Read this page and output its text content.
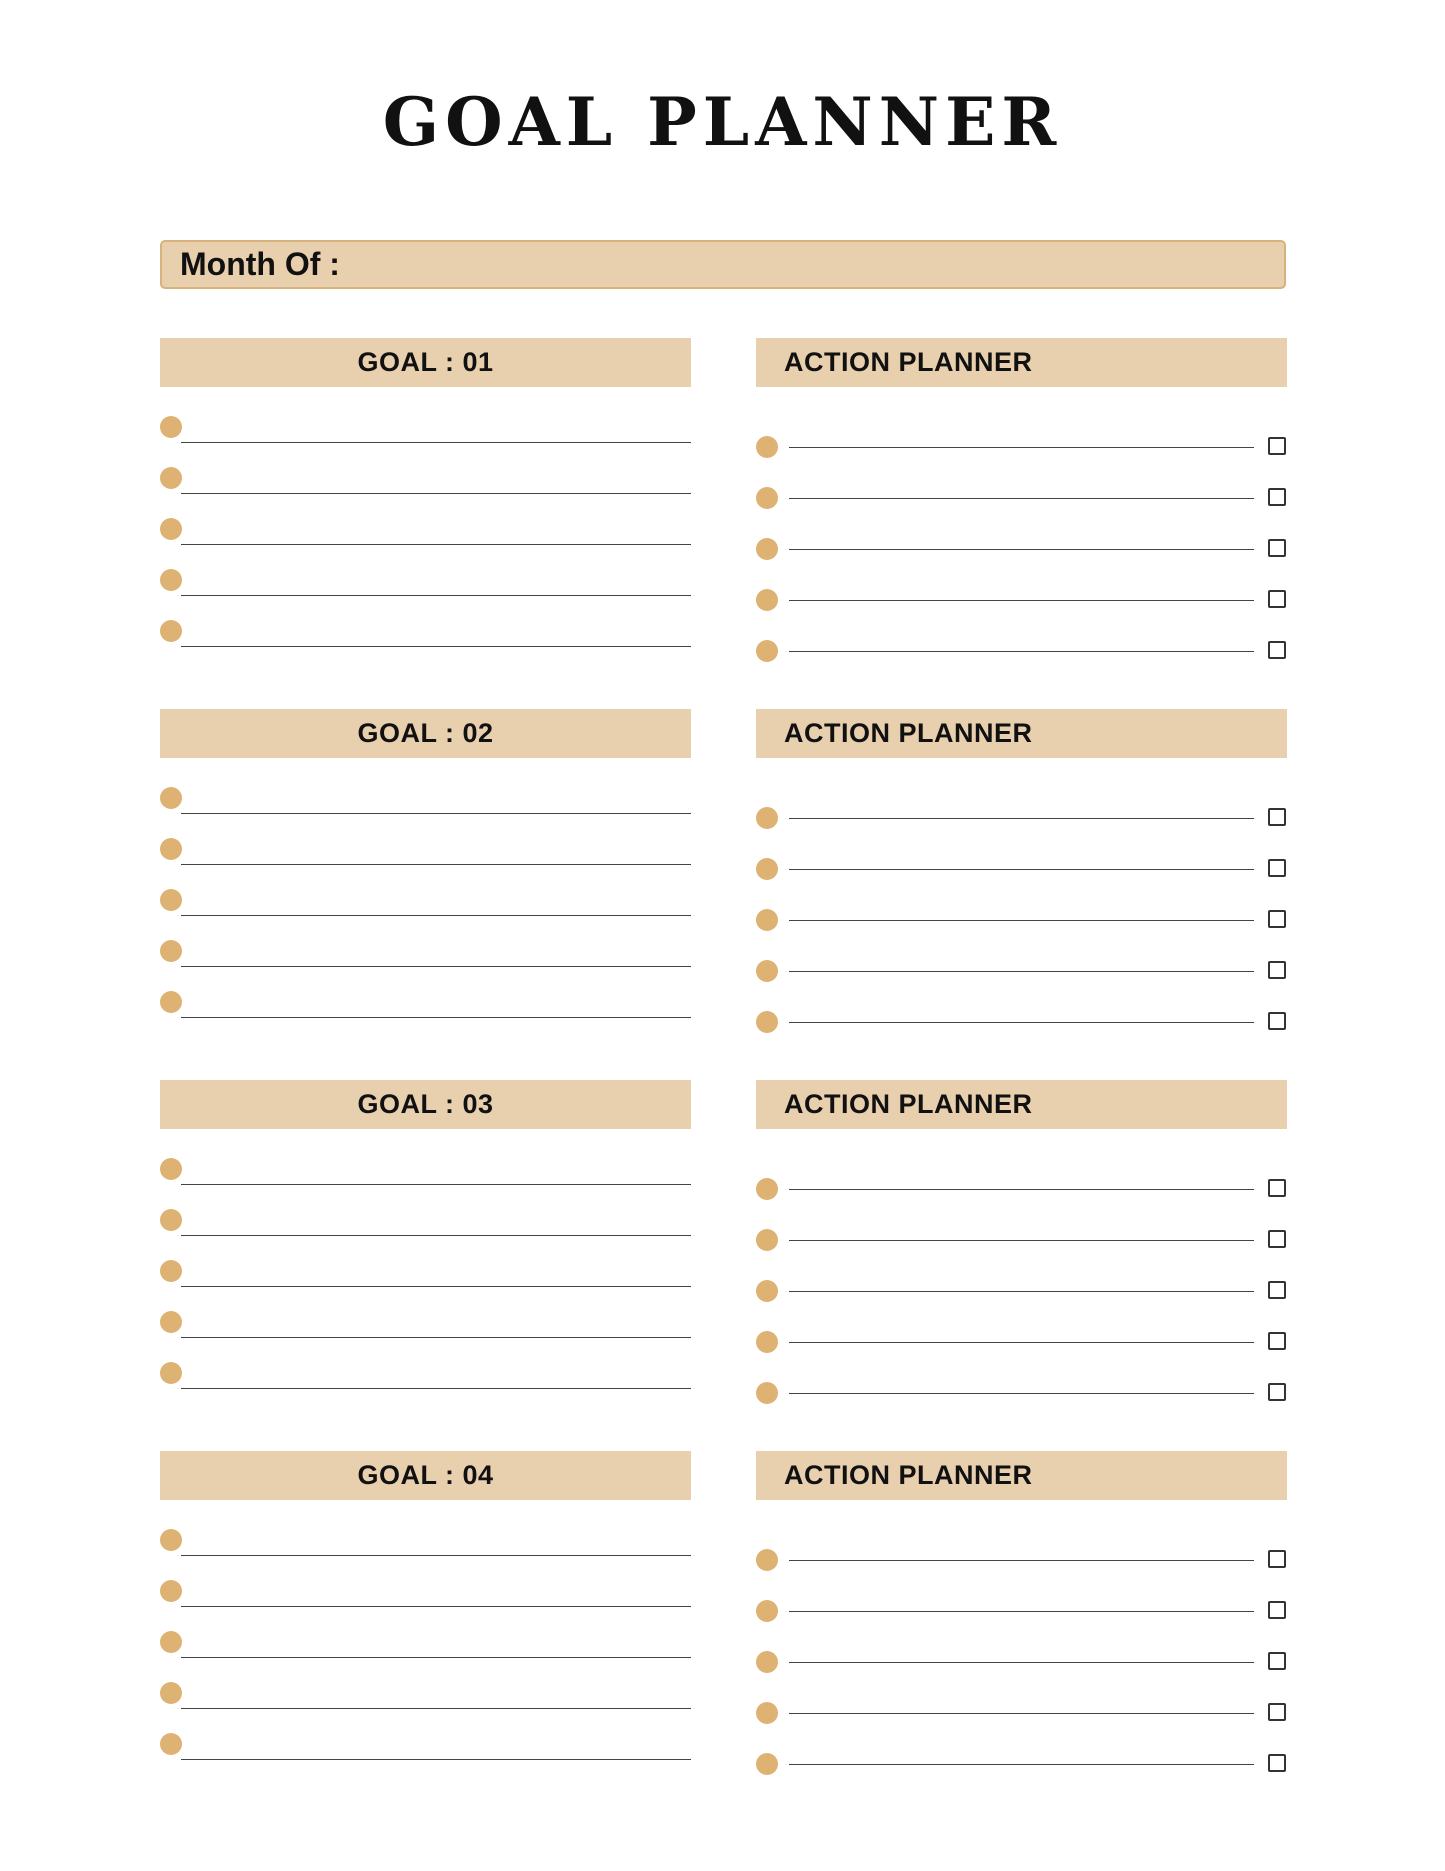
GOAL PLANNER
Month Of :
GOAL : 01	ACTION PLANNER
GOAL : 02	ACTION PLANNER
GOAL : 03	ACTION PLANNER
GOAL : 04	ACTION PLANNER
